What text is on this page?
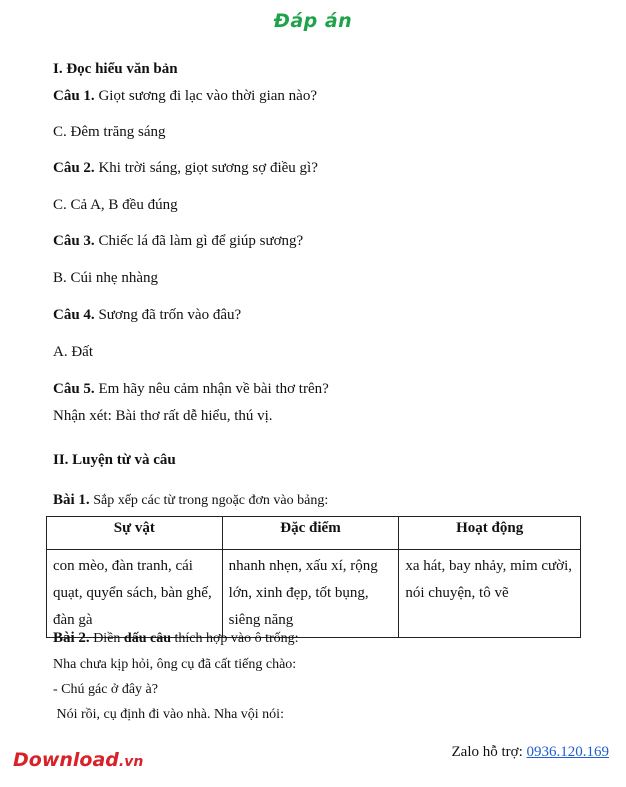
Đáp án
I. Đọc hiểu văn bản
Câu 1. Giọt sương đi lạc vào thời gian nào?
C. Đêm trăng sáng
Câu 2. Khi trời sáng, giọt sương sợ điều gì?
C. Cả A, B đều đúng
Câu 3. Chiếc lá đã làm gì để giúp sương?
B. Cúi nhẹ nhàng
Câu 4. Sương đã trốn vào đâu?
A. Đất
Câu 5. Em hãy nêu cảm nhận về bài thơ trên?
Nhận xét: Bài thơ rất dễ hiểu, thú vị.
II. Luyện từ và câu
Bài 1. Sắp xếp các từ trong ngoặc đơn vào bảng:
Sự vật	Đặc điểm	Hoạt động
con mèo, đàn tranh, cái quạt, quyển sách, bàn ghế, đàn gà	nhanh nhẹn, xấu xí, rộng lớn, xinh đẹp, tốt bụng, siêng năng	xa hát, bay nhảy, mỉm cười, nói chuyện, tô vẽ
Bài 2. Điền dấu câu thích hợp vào ô trống:
Nha chưa kịp hỏi, ông cụ đã cất tiếng chào:
- Chú gác ở đây à?
Nói rồi, cụ định đi vào nhà. Nha vội nói:
Download.vn
Zalo hỗ trợ: 0936.120.169
